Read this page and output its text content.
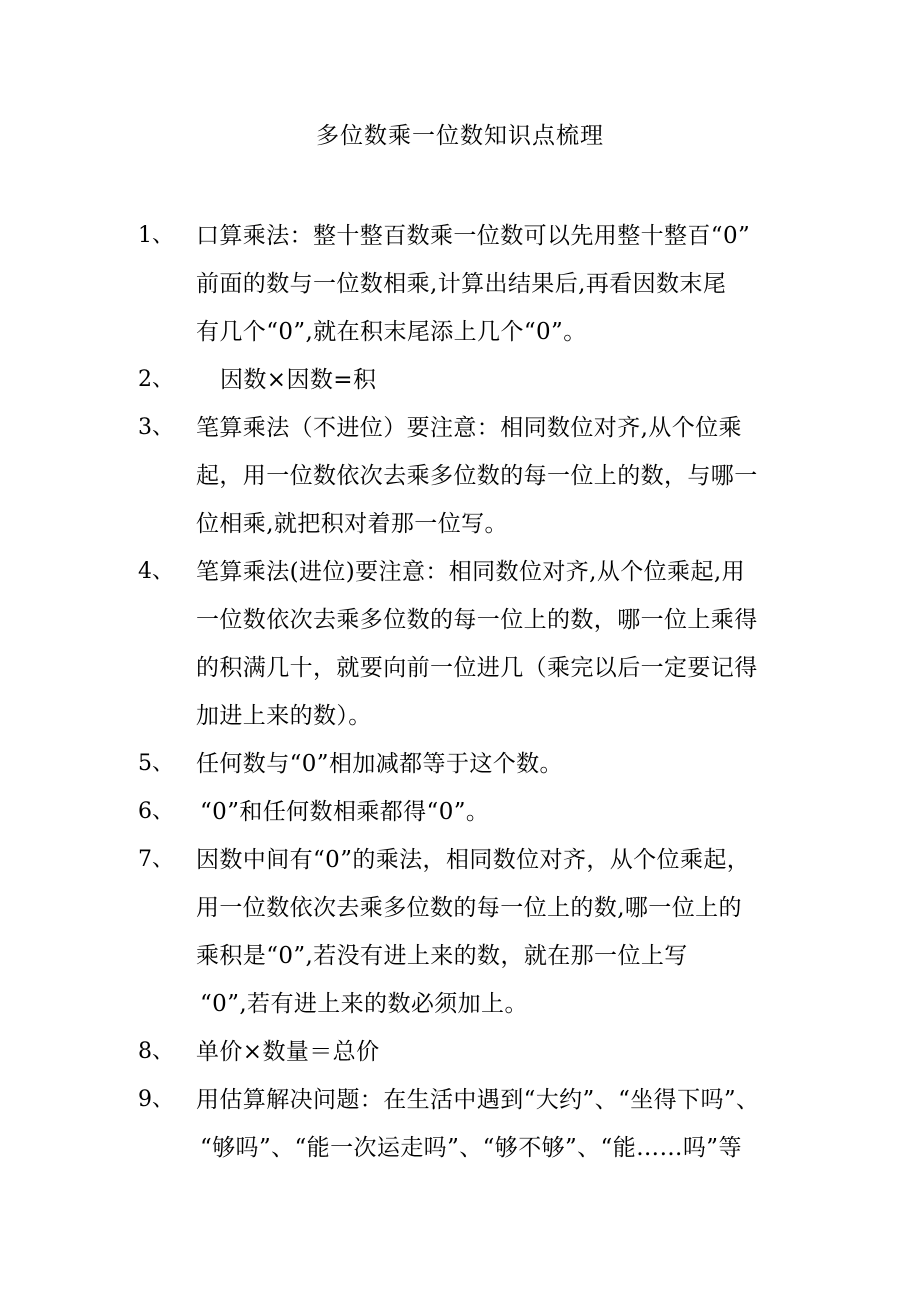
多位数乘一位数知识点梳理
1、 口算乘法：整十整百数乘一位数可以先用整十整百“0”
前面的数与一位数相乘,计算出结果后,再看因数末尾
有几个“0”,就在积末尾添上几个“0”。
2、	因数×因数=积
3、 笔算乘法（不进位）要注意：相同数位对齐,从个位乘
起，用一位数依次去乘多位数的每一位上的数，与哪一
位相乘,就把积对着那一位写。
4、 笔算乘法(进位)要注意：相同数位对齐,从个位乘起,用
一位数依次去乘多位数的每一位上的数，哪一位上乘得
的积满几十，就要向前一位进几（乘完以后一定要记得
加进上来的数）。
5、 任何数与“0”相加减都等于这个数。
6、 “0”和任何数相乘都得“0”。
7、 因数中间有“0”的乘法，相同数位对齐，从个位乘起，
用一位数依次去乘多位数的每一位上的数,哪一位上的
乘积是“0”,若没有进上来的数，就在那一位上写
“0”,若有进上来的数必须加上。
8、 单价×数量＝总价
9、 用估算解决问题：在生活中遇到“大约”、“坐得下吗”、
“够吗”、“能一次运走吗”、“够不够”、“能……吗”等
